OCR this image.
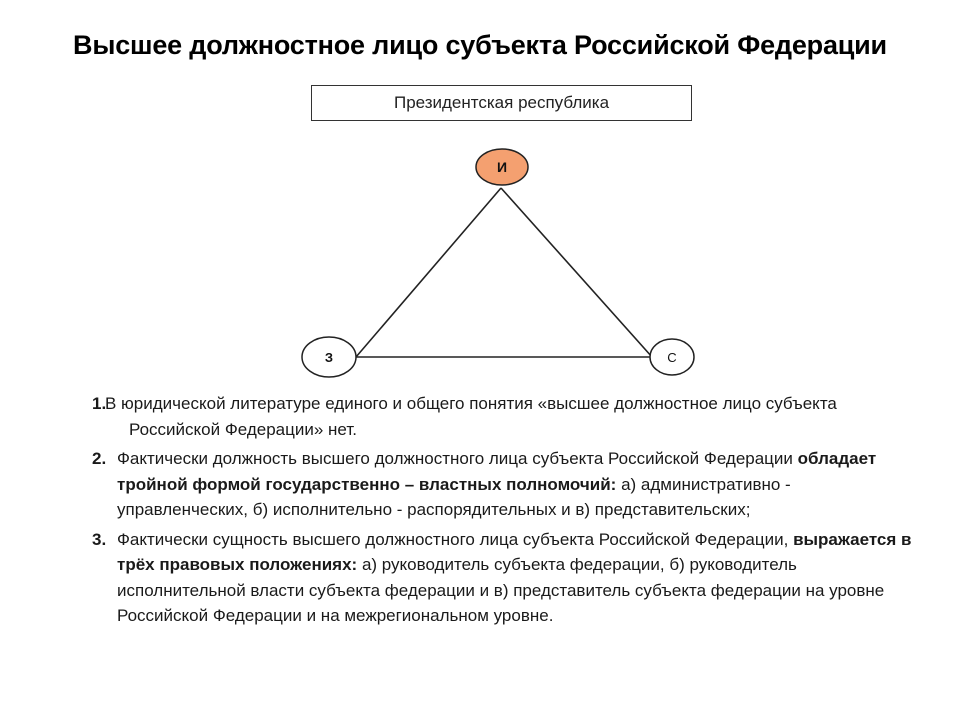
Высшее должностное лицо субъекта Российской Федерации
Президентская республика
И
З	С
1.
В юридической литературе единого и общего понятия «высшее должностное лицо субъекта Российской Федерации» нет.
2. Фактически должность высшего должностного лица субъекта Российской Федерации обладает тройной формой государственно – властных полномочий: а) административно - управленческих, б) исполнительно - распорядительных и в) представительских;
3. Фактически сущность высшего должностного лица субъекта Российской Федерации, выражается в трёх правовых положениях: а) руководитель субъекта федерации, б) руководитель исполнительной власти субъекта федерации и в) представитель субъекта федерации на уровне Российской Федерации и на межрегиональном уровне.
